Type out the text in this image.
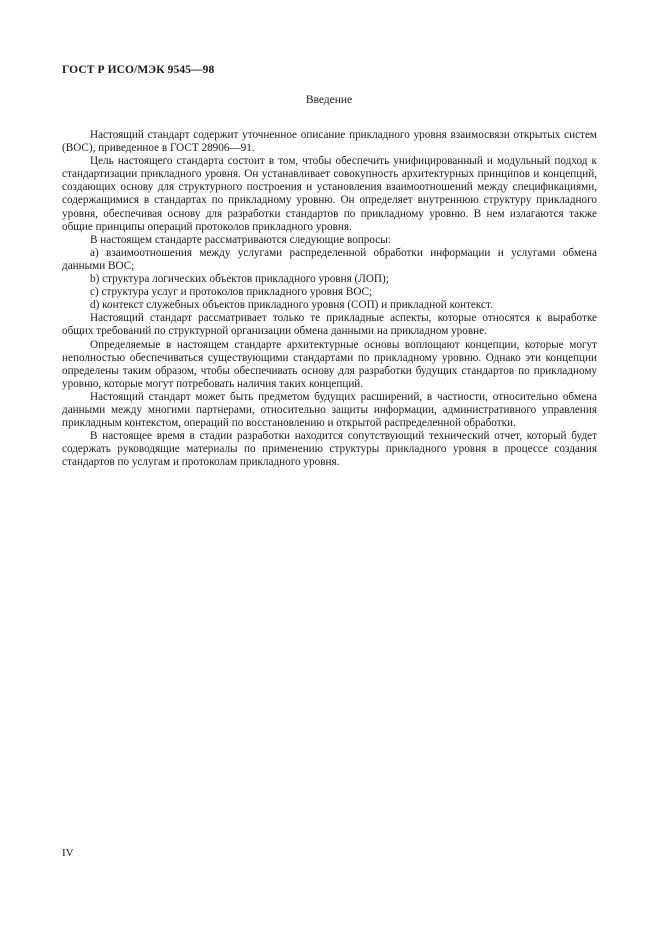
ГОСТ Р ИСО/МЭК 9545—98
Введение

Настоящий стандарт содержит уточненное описание прикладного уровня взаимосвязи открытых систем (ВОС), приведенное в ГОСТ 28906—91.

Цель настоящего стандарта состоит в том, чтобы обеспечить унифицированный и модульный подход к стандартизации прикладного уровня. Он устанавливает совокупность архитектурных принципов и концепций, создающих основу для структурного построения и установления взаимоотношений между спецификациями, содержащимися в стандартах по прикладному уровню. Он определяет внутреннюю структуру прикладного уровня, обеспечивая основу для разработки стандартов по прикладному уровню. В нем излагаются также общие принципы операций протоколов прикладного уровня.

В настоящем стандарте рассматриваются следующие вопросы:

а) взаимоотношения между услугами распределенной обработки информации и услугами обмена данными ВОС;

b) структура логических объектов прикладного уровня (ЛОП);

c) структура услуг и протоколов прикладного уровня ВОС;

d) контекст служебных объектов прикладного уровня (СОП) и прикладной контекст.

Настоящий стандарт рассматривает только те прикладные аспекты, которые относятся к выработке общих требований по структурной организации обмена данными на прикладном уровне.

Определяемые в настоящем стандарте архитектурные основы воплощают концепции, которые могут неполностью обеспечиваться существующими стандартами по прикладному уровню. Однако эти концепции определены таким образом, чтобы обеспечивать основу для разработки будущих стандартов по прикладному уровню, которые могут потребовать наличия таких концепций.

Настоящий стандарт может быть предметом будущих расширений, в частности, относительно обмена данными между многими партнерами, относительно защиты информации, административного управления прикладным контекстом, операций по восстановлению и открытой распределенной обработки.

В настоящее время в стадии разработки находится сопутствующий технический отчет, который будет содержать руководящие материалы по применению структуры прикладного уровня в процессе создания стандартов по услугам и протоколам прикладного уровня.

IV
